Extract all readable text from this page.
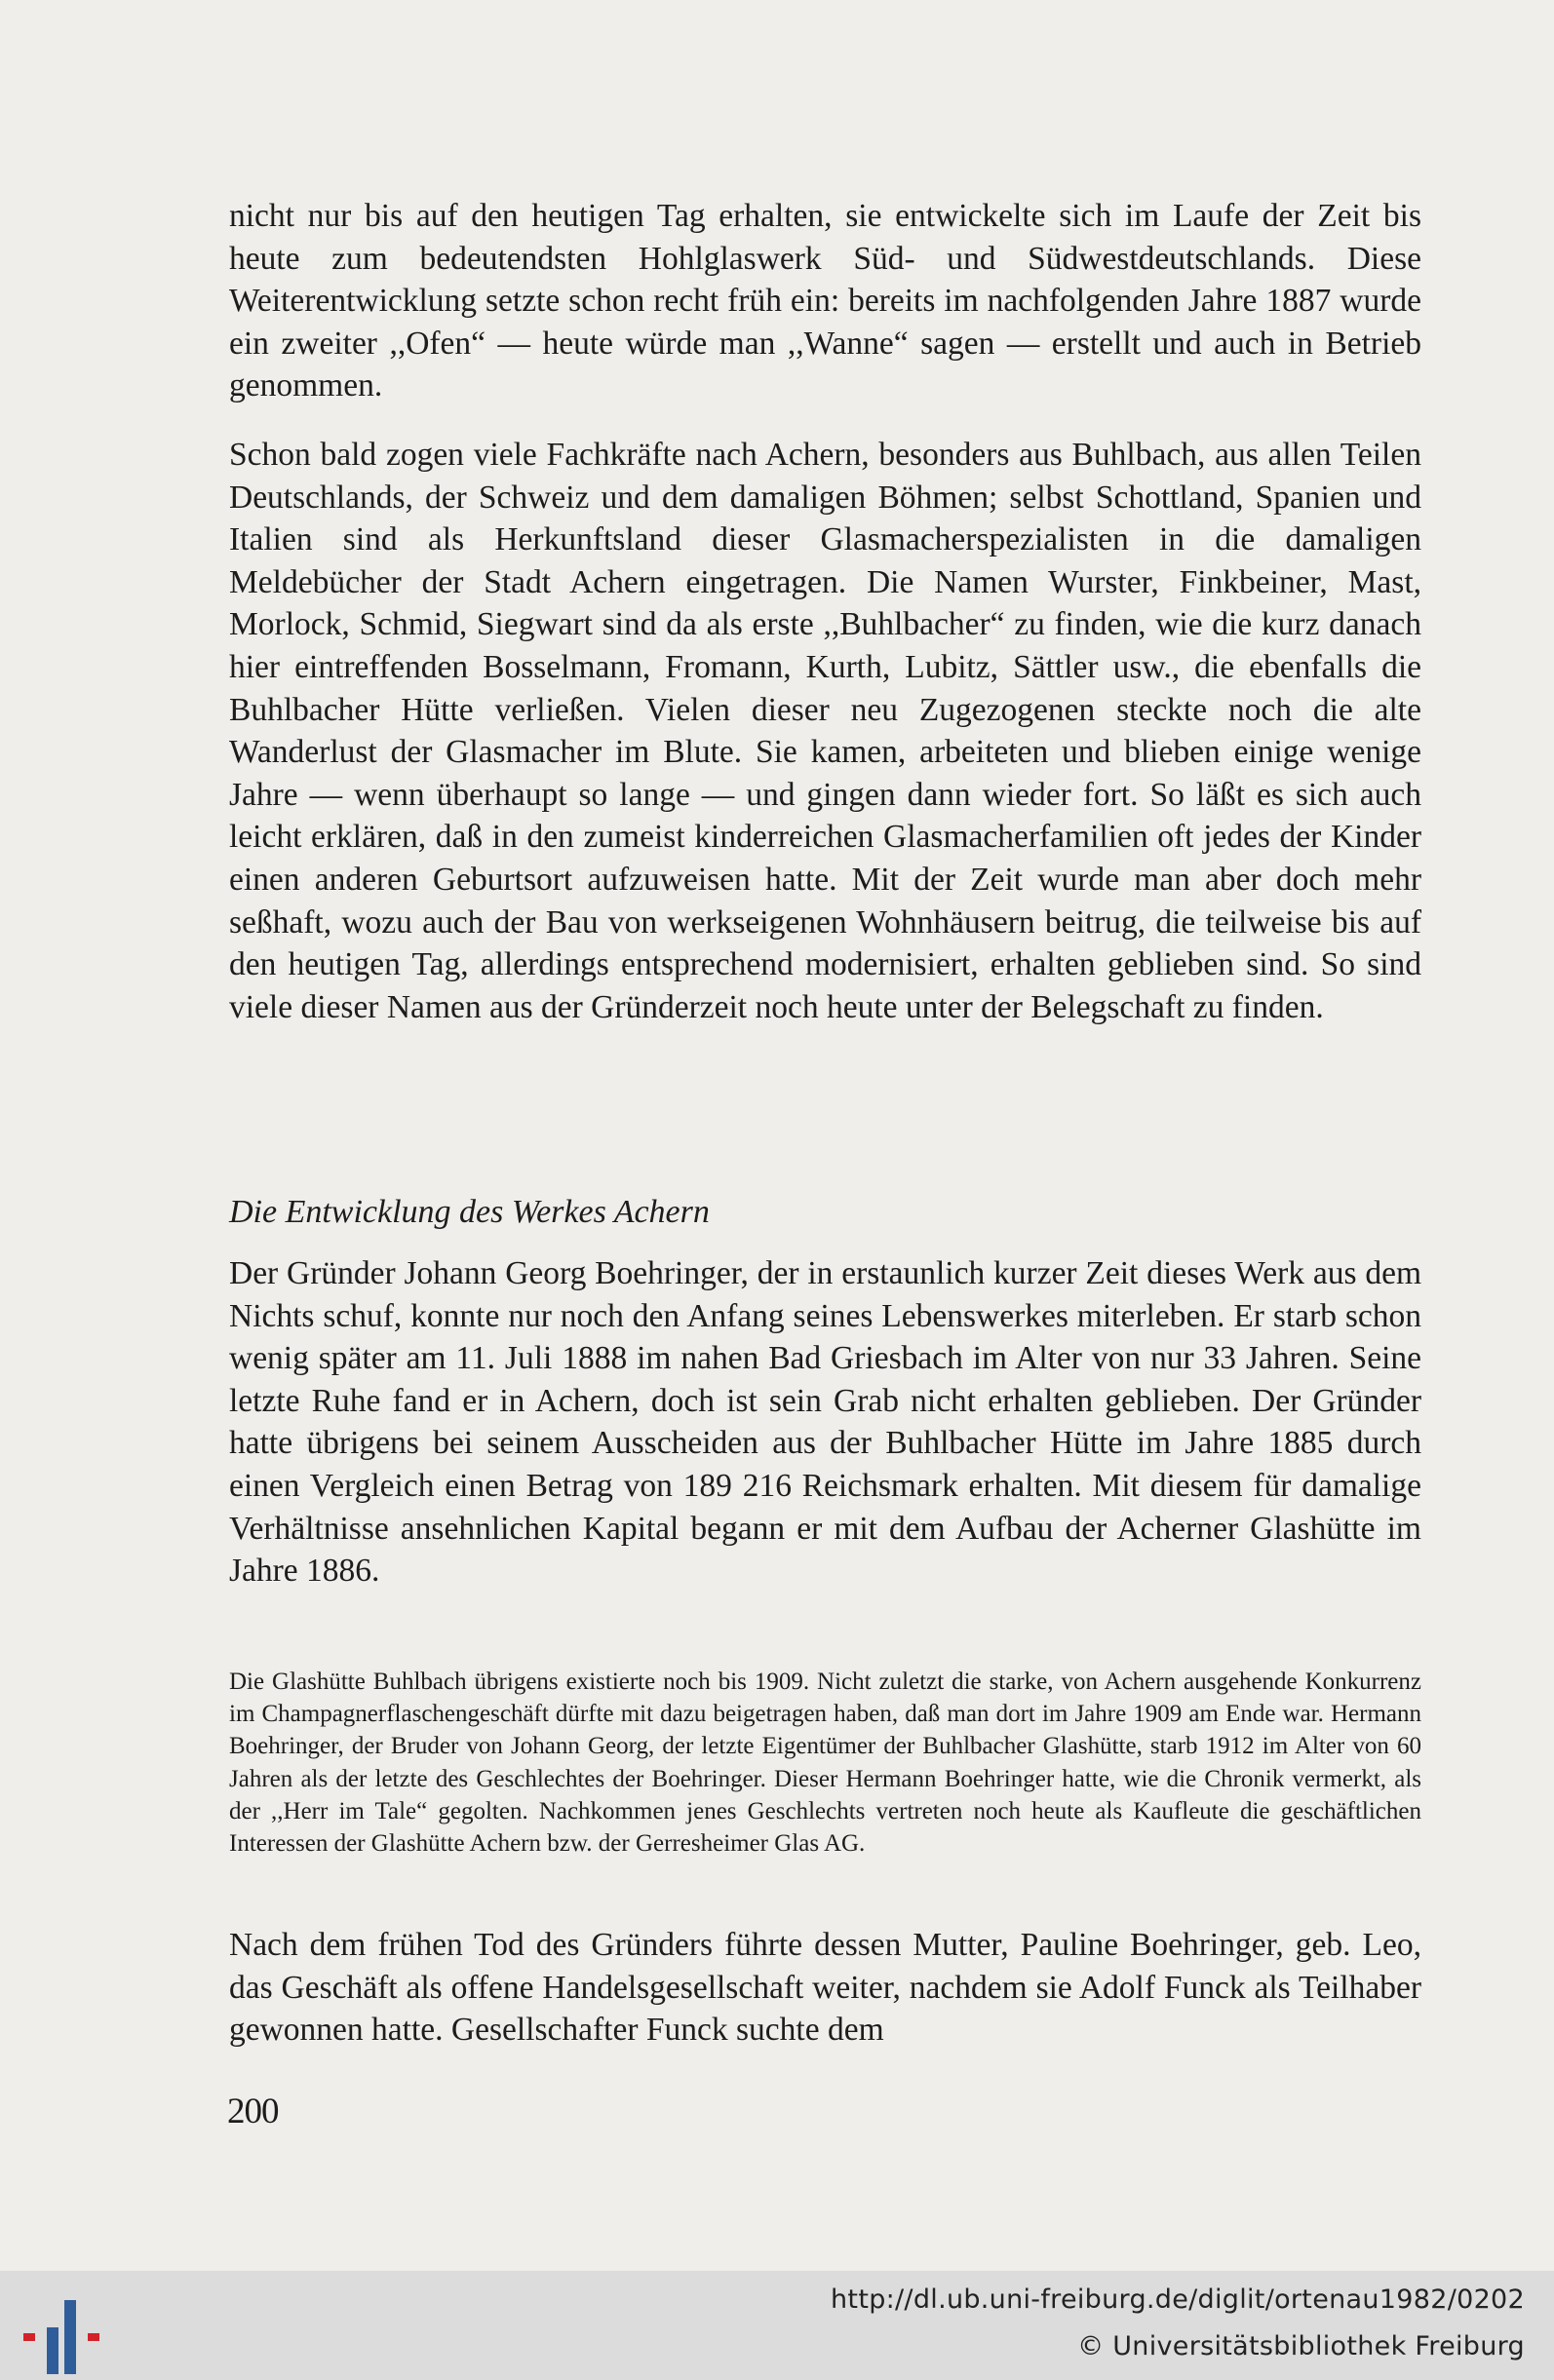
nicht nur bis auf den heutigen Tag erhalten, sie entwickelte sich im Laufe der Zeit bis heute zum bedeutendsten Hohlglaswerk Süd- und Südwestdeutschlands. Diese Weiterentwicklung setzte schon recht früh ein: bereits im nachfolgenden Jahre 1887 wurde ein zweiter ,,Ofen“ — heute würde man ,,Wanne“ sagen — erstellt und auch in Betrieb genommen.
Schon bald zogen viele Fachkräfte nach Achern, besonders aus Buhlbach, aus allen Teilen Deutschlands, der Schweiz und dem damaligen Böhmen; selbst Schottland, Spanien und Italien sind als Herkunftsland dieser Glasmacherspezialisten in die damaligen Meldebücher der Stadt Achern eingetragen. Die Namen Wurster, Finkbeiner, Mast, Morlock, Schmid, Siegwart sind da als erste ,,Buhlbacher“ zu finden, wie die kurz danach hier eintreffenden Bosselmann, Fromann, Kurth, Lubitz, Sättler usw., die ebenfalls die Buhlbacher Hütte verließen. Vielen dieser neu Zugezogenen steckte noch die alte Wanderlust der Glasmacher im Blute. Sie kamen, arbeiteten und blieben einige wenige Jahre — wenn überhaupt so lange — und gingen dann wieder fort. So läßt es sich auch leicht erklären, daß in den zumeist kinderreichen Glasmacherfamilien oft jedes der Kinder einen anderen Geburtsort aufzuweisen hatte. Mit der Zeit wurde man aber doch mehr seßhaft, wozu auch der Bau von werkseigenen Wohnhäusern beitrug, die teilweise bis auf den heutigen Tag, allerdings entsprechend modernisiert, erhalten geblieben sind. So sind viele dieser Namen aus der Gründerzeit noch heute unter der Belegschaft zu finden.
Die Entwicklung des Werkes Achern
Der Gründer Johann Georg Boehringer, der in erstaunlich kurzer Zeit dieses Werk aus dem Nichts schuf, konnte nur noch den Anfang seines Lebenswerkes miterleben. Er starb schon wenig später am 11. Juli 1888 im nahen Bad Griesbach im Alter von nur 33 Jahren. Seine letzte Ruhe fand er in Achern, doch ist sein Grab nicht erhalten geblieben. Der Gründer hatte übrigens bei seinem Ausscheiden aus der Buhlbacher Hütte im Jahre 1885 durch einen Vergleich einen Betrag von 189 216 Reichsmark erhalten. Mit diesem für damalige Verhältnisse ansehnlichen Kapital begann er mit dem Aufbau der Acherner Glashütte im Jahre 1886.
Die Glashütte Buhlbach übrigens existierte noch bis 1909. Nicht zuletzt die starke, von Achern ausgehende Konkurrenz im Champagnerflaschengeschäft dürfte mit dazu beigetragen haben, daß man dort im Jahre 1909 am Ende war. Hermann Boehringer, der Bruder von Johann Georg, der letzte Eigentümer der Buhlbacher Glashütte, starb 1912 im Alter von 60 Jahren als der letzte des Geschlechtes der Boehringer. Dieser Hermann Boehringer hatte, wie die Chronik vermerkt, als der ,,Herr im Tale“ gegolten. Nachkommen jenes Geschlechts vertreten noch heute als Kaufleute die geschäftlichen Interessen der Glashütte Achern bzw. der Gerresheimer Glas AG.
Nach dem frühen Tod des Gründers führte dessen Mutter, Pauline Boehringer, geb. Leo, das Geschäft als offene Handelsgesellschaft weiter, nachdem sie Adolf Funck als Teilhaber gewonnen hatte. Gesellschafter Funck suchte dem
200
http://dl.ub.uni-freiburg.de/diglit/ortenau1982/0202
© Universitätsbibliothek Freiburg
